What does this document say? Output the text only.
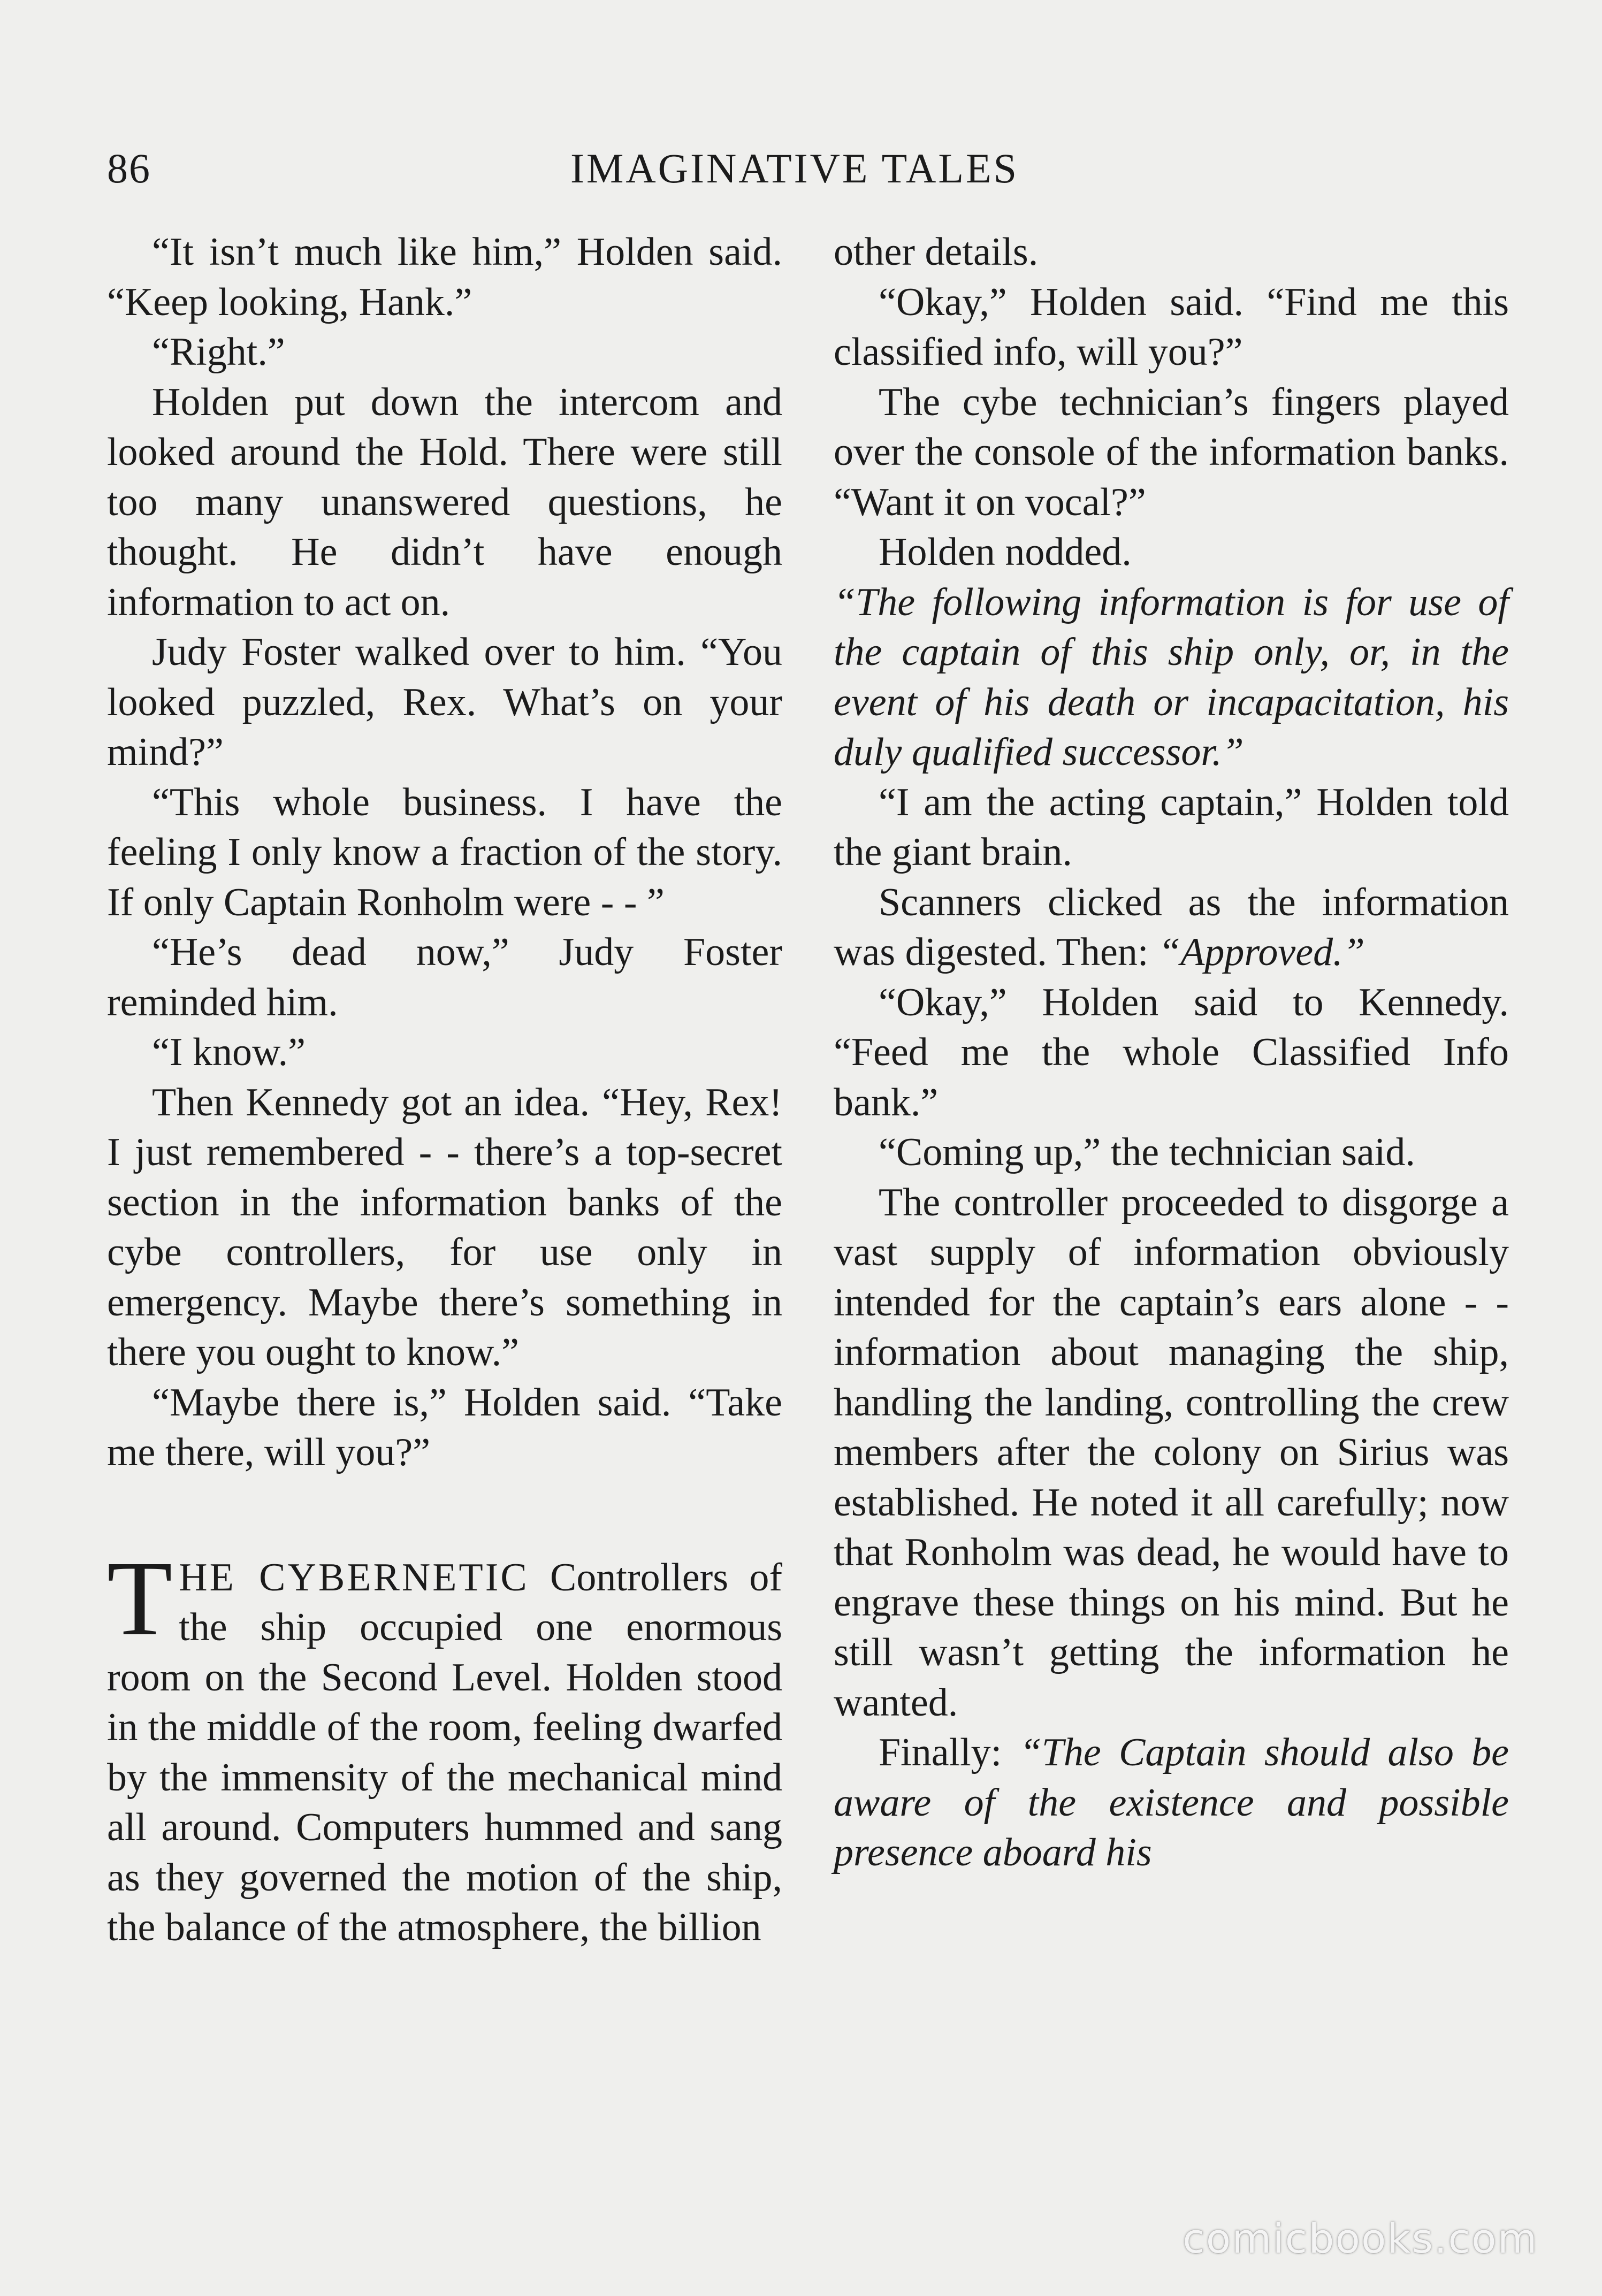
86	IMAGINATIVE TALES

“It isn’t much like him,” Holden said. “Keep looking, Hank.”

“Right.”

Holden put down the intercom and looked around the Hold. There were still too many unanswered questions, he thought. He didn’t have enough information to act on.

Judy Foster walked over to him. “You looked puzzled, Rex. What’s on your mind?”

“This whole business. I have the feeling I only know a fraction of the story. If only Captain Ronholm were - - ”

“He’s dead now,” Judy Foster reminded him.

“I know.”

Then Kennedy got an idea. “Hey, Rex! I just remembered - - there’s a top-secret section in the information banks of the cybe controllers, for use only in emergency. Maybe there’s something in there you ought to know.”

“Maybe there is,” Holden said. “Take me there, will you?”

THE CYBERNETIC Controllers of the ship occupied one enormous room on the Second Level. Holden stood in the middle of the room, feeling dwarfed by the immensity of the mechanical mind all around. Computers hummed and sang as they governed the motion of the ship, the balance of the atmosphere, the billion

other details.

“Okay,” Holden said. “Find me this classified info, will you?”

The cybe technician’s fingers played over the console of the information banks. “Want it on vocal?”

Holden nodded.

“The following information is for use of the captain of this ship only, or, in the event of his death or incapacitation, his duly qualified successor.”

“I am the acting captain,” Holden told the giant brain.

Scanners clicked as the information was digested. Then: “Approved.”

“Okay,” Holden said to Kennedy. “Feed me the whole Classified Info bank.”

“Coming up,” the technician said.

The controller proceeded to disgorge a vast supply of information obviously intended for the captain’s ears alone - - information about managing the ship, handling the landing, controlling the crew members after the colony on Sirius was established. He noted it all carefully; now that Ronholm was dead, he would have to engrave these things on his mind. But he still wasn’t getting the information he wanted.

Finally: “The Captain should also be aware of the existence and possible presence aboard his

comicbooks.com
